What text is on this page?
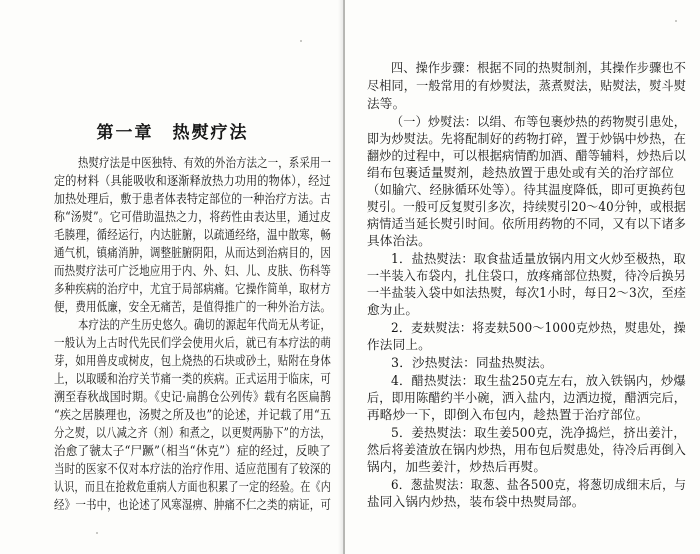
第一章　热熨疗法
热熨疗法是中医独特、有效的外治方法之一，系采用一
定的材料（具能吸收和逐渐释放热力功用的物体），经过
加热处理后，敷于患者体表特定部位的一种治疗方法。古
称“汤熨”。它可借助温热之力，将药性由表达里，通过皮
毛腠理，循经运行，内达脏腑，以疏通经络，温中散寒，畅
通气机，镇痛消肿，调整脏腑阴阳，从而达到治病目的，因
而热熨疗法可广泛地应用于内、外、妇、儿、皮肤、伤科等
多种疾病的治疗中，尤宜于局部病痛。它操作简单，取材方
便，费用低廉，安全无痛苦，是值得推广的一种外治方法。
本疗法的产生历史悠久。确切的源起年代尚无从考证，
一般认为上古时代先民们学会使用火后，就已有本疗法的萌
芽，如用兽皮或树皮，包上烧热的石块或砂土，贴附在身体
上，以取暖和治疗关节痛一类的疾病。正式运用于临床，可
溯至春秋战国时期。《史记·扁鹊仓公列传》载有名医扁鹊
“疾之居腠理也，汤熨之所及也”的论述，并记载了用“五
分之熨，以八减之齐（剂）和煮之，以更熨两胁下”的方法，
治愈了虢太子“尸蹶”（相当“休克”）症的经过，反映了
当时的医家不仅对本疗法的治疗作用、适应范围有了较深的
认识，而且在抢救危重病人方面也积累了一定的经验。在《内
经》一书中，也论述了风寒湿痹、肿痛不仁之类的病证，可
四、操作步骤：根据不同的热熨制剂，其操作步骤也不
尽相同，一般常用的有炒熨法，蒸煮熨法，贴熨法，熨斗熨
法等。
（一）炒熨法：以绢、布等包裹炒热的药物熨引患处，
即为炒熨法。先将配制好的药物打碎，置于炒锅中炒热，在
翻炒的过程中，可以根据病情酌加酒、醋等辅料，炒热后以
绢布包裹适量熨剂，趁热放置于患处或有关的治疗部位
（如腧穴、经脉循环处等）。待其温度降低，即可更换药包
熨引。一般可反复熨引多次，持续熨引20～40分钟，或根据
病情适当延长熨引时间。依所用药物的不同，又有以下诸多
具体治法。
1．盐热熨法：取食盐适量放锅内用文火炒至极热，取
一半装入布袋内，扎住袋口，放疼痛部位热熨，待冷后换另
一半盐装入袋中如法热熨，每次1小时，每日2～3次，至痊
愈为止。
2．麦麸熨法：将麦麸500～1000克炒热，熨患处，操
作法同上。
3．沙热熨法：同盐热熨法。
4．醋热熨法：取生盐250克左右，放入铁锅内，炒爆
后，即用陈醋约半小碗，洒入盐内，边洒边搅，醋洒完后，
再略炒一下，即倒入布包内，趁热置于治疗部位。
5．姜热熨法：取生姜500克，洗净捣烂，挤出姜汁，
然后将姜渣放在锅内炒热，用布包后熨患处，待冷后再倒入
锅内，加些姜汁，炒热后再熨。
6．葱盐熨法：取葱、盐各500克，将葱切成细末后，与
盐同入锅内炒热，装布袋中热熨局部。
